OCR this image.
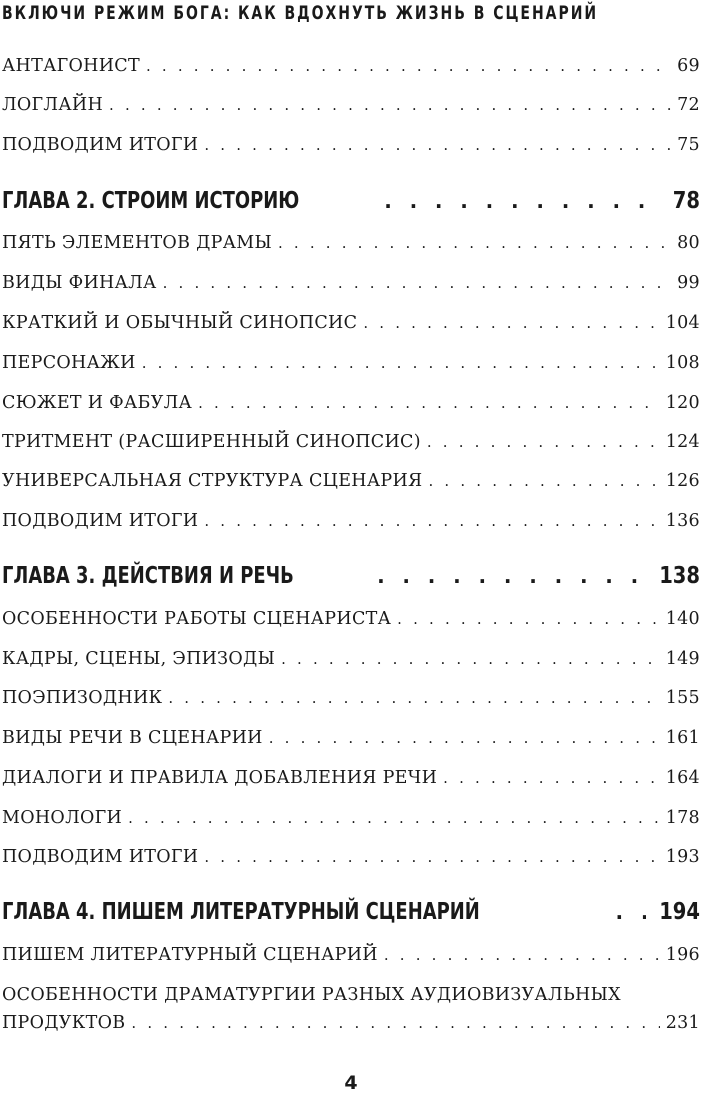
ВКЛЮЧИ РЕЖИМ БОГА: КАК ВДОХНУТЬ ЖИЗНЬ В СЦЕНАРИЙ
АНТАГОНИСТ . . .	69
ЛОГЛАЙН . . .	72
ПОДВОДИМ ИТОГИ . . .	75
ГЛАВА 2. СТРОИМ ИСТОРИЮ . . .	78
ПЯТЬ ЭЛЕМЕНТОВ ДРАМЫ . . .	80
ВИДЫ ФИНАЛА . . .	99
КРАТКИЙ И ОБЫЧНЫЙ СИНОПСИС . . .	104
ПЕРСОНАЖИ . . .	108
СЮЖЕТ И ФАБУЛА . . .	120
ТРИТМЕНТ (РАСШИРЕННЫЙ СИНОПСИС) . . .	124
УНИВЕРСАЛЬНАЯ СТРУКТУРА СЦЕНАРИЯ . . .	126
ПОДВОДИМ ИТОГИ . . .	136
ГЛАВА 3. ДЕЙСТВИЯ И РЕЧЬ . . .	138
ОСОБЕННОСТИ РАБОТЫ СЦЕНАРИСТА . . .	140
КАДРЫ, СЦЕНЫ, ЭПИЗОДЫ . . .	149
ПОЭПИЗОДНИК . . .	155
ВИДЫ РЕЧИ В СЦЕНАРИИ . . .	161
ДИАЛОГИ И ПРАВИЛА ДОБАВЛЕНИЯ РЕЧИ . . .	164
МОНОЛОГИ . . .	178
ПОДВОДИМ ИТОГИ . . .	193
ГЛАВА 4. ПИШЕМ ЛИТЕРАТУРНЫЙ СЦЕНАРИЙ . . .	194
ПИШЕМ ЛИТЕРАТУРНЫЙ СЦЕНАРИЙ . . .	196
ОСОБЕННОСТИ ДРАМАТУРГИИ РАЗНЫХ АУДИОВИЗУАЛЬНЫХ
ПРОДУКТОВ . . .	231
4
